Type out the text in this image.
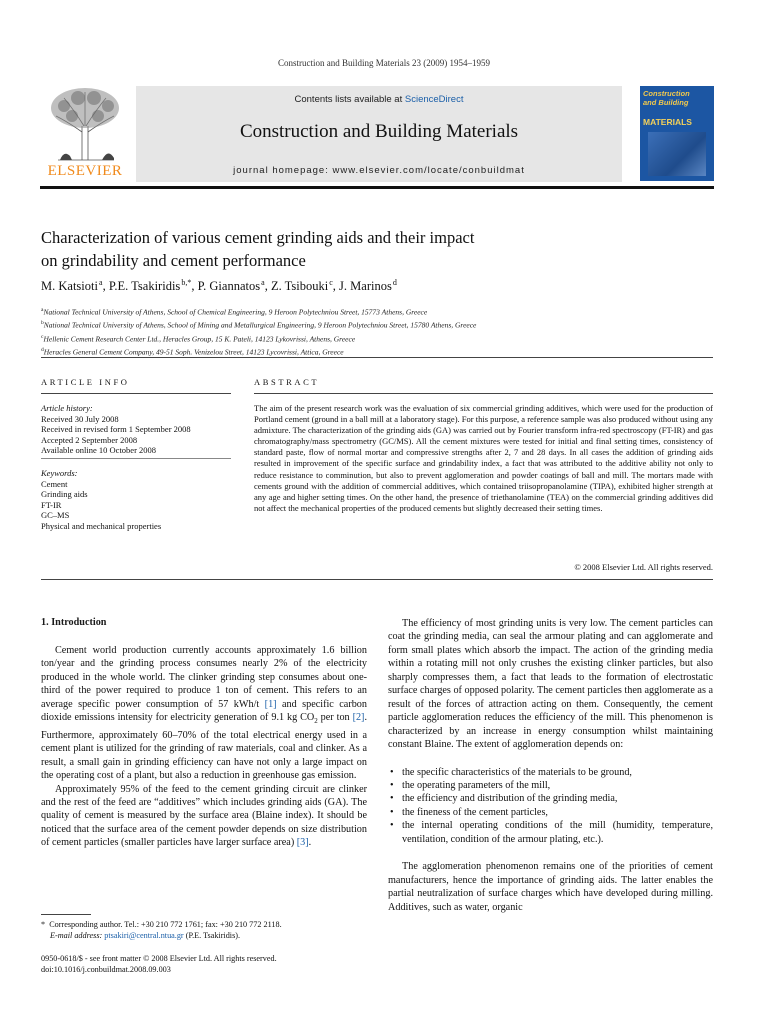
Construction and Building Materials 23 (2009) 1954–1959
ELSEVIER
Contents lists available at ScienceDirect
Construction and Building Materials
journal homepage: www.elsevier.com/locate/conbuildmat
Construction
and Building
MATERIALS
Characterization of various cement grinding aids and their impact
on grindability and cement performance
M. Katsioti $^a$, P.E. Tsakiridis $^{b,*}$, P. Giannatos $^a$, Z. Tsibouki $^c$, J. Marinos $^d$
$^a$National Technical University of Athens, School of Chemical Engineering, 9 Heroon Polytechniou Street, 15773 Athens, Greece
$^b$National Technical University of Athens, School of Mining and Metallurgical Engineering, 9 Heroon Polytechniou Street, 15780 Athens, Greece
$^c$Hellenic Cement Research Center Ltd., Heracles Group, 15 K. Pateli, 14123 Lykovrissi, Athens, Greece
$^d$Heracles General Cement Company, 49-51 Soph. Venizelou Street, 14123 Lycovrissi, Attica, Greece
ARTICLE INFO	ABSTRACT
Article history:
Received 30 July 2008
Received in revised form 1 September 2008
Accepted 2 September 2008
Available online 10 October 2008
Keywords:
Cement
Grinding aids
FT-IR
GC–MS
Physical and mechanical properties
The aim of the present research work was the evaluation of six commercial grinding additives, which were used for the production of Portland cement (ground in a ball mill at a laboratory stage). For this purpose, a reference sample was also produced without using any admixture. The characterization of the grinding aids (GA) was carried out by Fourier transform infra-red spectroscopy (FT-IR) and gas chromatography/mass spectrometry (GC/MS). All the cement mixtures were tested for initial and final setting times, consistency of standard paste, flow of normal mortar and compressive strengths after 2, 7 and 28 days. In all cases the addition of grinding aids resulted in improvement of the specific surface and grindability index, a fact that was attributed to the additive ability not only to reduce resistance to comminution, but also to prevent agglomeration and powder coatings of ball and mill. The mortars made with cements ground with the addition of commercial additives, which contained triisopropanolamine (TIPA), exhibited higher strength at any age and higher setting times. On the other hand, the presence of triethanolamine (TEA) on the commercial grinding additives did not affect the mechanical properties of the produced cements but slightly decreased their setting times.
© 2008 Elsevier Ltd. All rights reserved.
1. Introduction

Cement world production currently accounts approximately 1.6 billion ton/year and the grinding process consumes nearly 2% of the electricity produced in the whole world. The clinker grinding step consumes about one-third of the power required to produce 1 ton of cement. This refers to an average specific power consumption of 57 kWh/t [1] and specific carbon dioxide emissions intensity for electricity generation of 9.1 kg $CO_2$ per ton [2]. Furthermore, approximately 60–70% of the total electrical energy used in a cement plant is utilized for the grinding of raw materials, coal and clinker. As a result, a small gain in grinding efficiency can have not only a large impact on the operating cost of a plant, but also a reduction in greenhouse gas emission.

Approximately 95% of the feed to the cement grinding circuit are clinker and the rest of the feed are “additives” which includes grinding aids (GA). The quality of cement is measured by the surface area (Blaine index). It should be noticed that the surface area of the cement powder depends on size distribution of cement particles (smaller particles have larger surface area) [3].

The efficiency of most grinding units is very low. The cement particles can coat the grinding media, can seal the armour plating and can agglomerate and form small plates which absorb the impact. The action of the grinding media within a rotating mill not only crushes the existing clinker particles, but also sharply compresses them, a fact that leads to the formation of electrostatic surface charges of opposed polarity. The cement particles then agglomerate as a result of the forces of attraction acting on them. Consequently, the cement particle agglomeration reduces the efficiency of the mill. This phenomenon is characterized by an increase in energy consumption whilst maintaining constant Blaine. The extent of agglomeration depends on:

• the specific characteristics of the materials to be ground,
• the operating parameters of the mill,
• the efficiency and distribution of the grinding media,
• the fineness of the cement particles,
• the internal operating conditions of the mill (humidity, temperature, ventilation, condition of the armour plating, etc.).

The agglomeration phenomenon remains one of the priorities of cement manufacturers, hence the importance of grinding aids. The latter enables the partial neutralization of surface charges which have developed during milling. Additives, such as water, organic

* Corresponding author. Tel.: +30 210 772 1761; fax: +30 210 772 2118.
E-mail address: ptsakiri@central.ntua.gr (P.E. Tsakiridis).
0950-0618/$ - see front matter © 2008 Elsevier Ltd. All rights reserved.
doi:10.1016/j.conbuildmat.2008.09.003
